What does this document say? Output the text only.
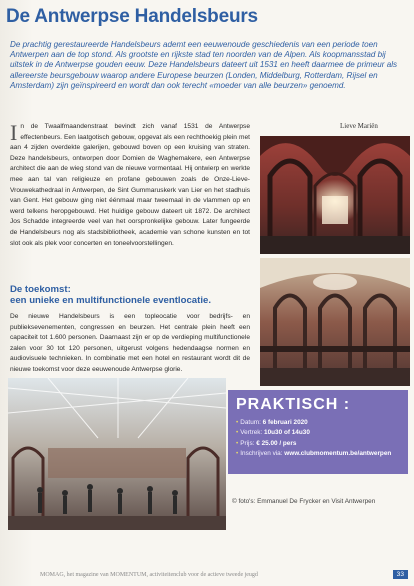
De Antwerpse Handelsbeurs

De prachtig gerestaureerde Handelsbeurs ademt een eeuwenoude geschiedenis van een periode toen Antwerpen aan de top stond. Als grootste en rijkste stad ten noorden van de Alpen. Als koopmansstad bij uitstek in de Antwerpse gouden eeuw. Deze Handelsbeurs dateert uit 1531 en heeft daarmee de primeur als allereerste beursgebouw waarop andere Europese beurzen (Londen, Middelburg, Rotterdam, Rijsel en Amsterdam) zijn geïnspireerd en wordt dan ook terecht «moeder van alle beurzen» genoemd.

Lieve Mariën
In de Twaalfmaandenstraat bevindt zich vanaf 1531 de Antwerpse effectenbeurs. Een laatgotisch gebouw, opgevat als een rechthoekig plein met aan 4 zijden overdekte galerijen, gebouwd boven op een kruising van straten. Deze handelsbeurs, ontworpen door Domien de Waghemakere, een Antwerpse architect die aan de wieg stond van de nieuwe vormentaal. Hij ontwierp en werkte mee aan tal van religieuze en profane gebouwen zoals de Onze-Lieve-Vrouwekathedraal in Antwerpen, de Sint Gummaruskerk van Lier en het stadhuis van Gent. Het gebouw ging niet éénmaal maar tweemaal in de vlammen op en werd telkens heropgebouwd. Het huidige gebouw dateert uit 1872. De architect Jos Schadde integreerde veel van het oorspronkelijke gebouw. Later fungeerde de Handelsbeurs nog als stadsbibliotheek, academie van schone kunsten en tot slot ook als plek voor concerten en toneelvoorstellingen.
De toekomst:
een unieke en multifunctionele eventlocatie.
De nieuwe Handelsbeurs is een topleocatie voor bedrijfs- en publieksevenementen, congressen en beurzen. Het centrale plein heeft een capaciteit tot 1.600 personen. Daarnaast zijn er op de verdieping multifunctionele zalen voor 30 tot 120 personen, uitgerust volgens hedendaagse normen en audiovisuele technieken. In combinatie met een hotel en restaurant wordt dit de nieuwe toekomst voor deze eeuwenoude Antwerpse glorie.
PRAKTISCH :
• Datum: 6 februari 2020
• Vertrek: 10u30 of 14u30
• Prijs: € 25.00 / pers
• Inschrijven via: www.clubmomentum.be/antwerpen
© foto's: Emmanuel De Frycker en Visit Antwerpen
MOMAG, het magazine van MOMENTUM, activiteitenclub voor de actieve tweede jeugd	33
